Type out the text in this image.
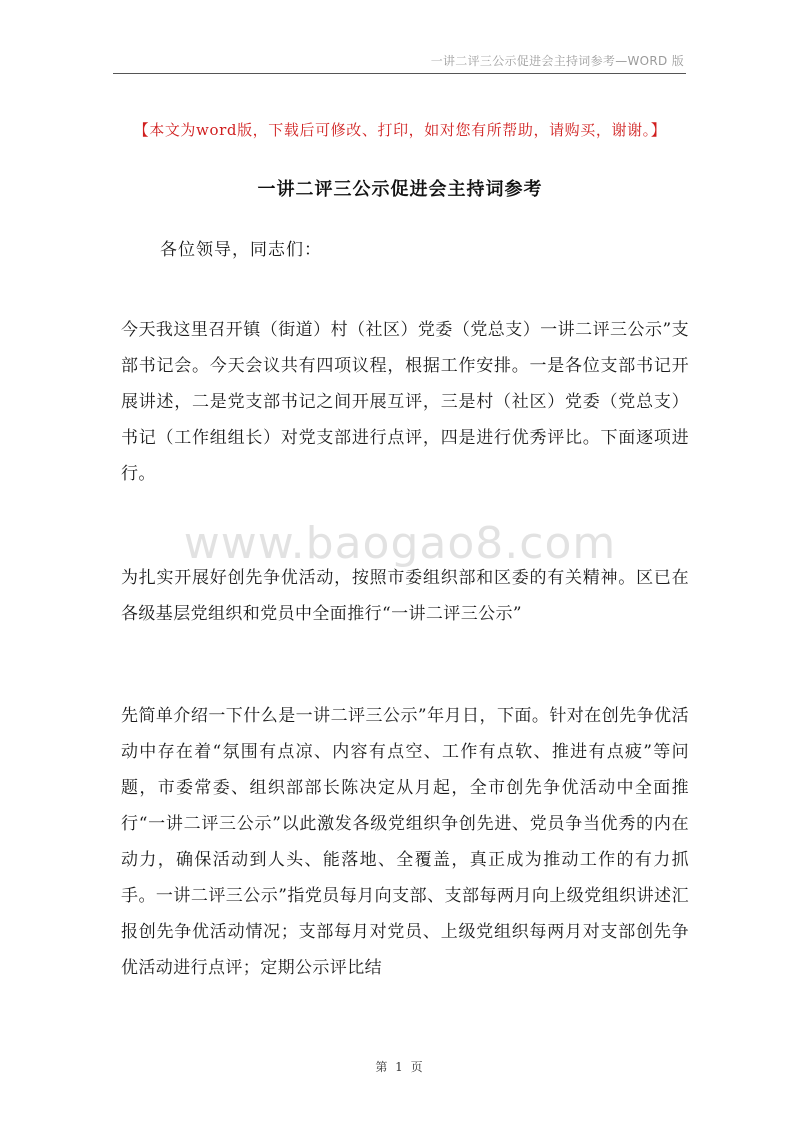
一讲二评三公示促进会主持词参考—WORD 版
【本文为word版，下载后可修改、打印，如对您有所帮助，请购买，谢谢。】
一讲二评三公示促进会主持词参考
各位领导，同志们：
今天我这里召开镇（街道）村（社区）党委（党总支）一讲二评三公示”支部书记会。今天会议共有四项议程，根据工作安排。一是各位支部书记开展讲述，二是党支部书记之间开展互评，三是村（社区）党委（党总支）书记（工作组组长）对党支部进行点评，四是进行优秀评比。下面逐项进行。
www.baogao8.com
为扎实开展好创先争优活动，按照市委组织部和区委的有关精神。区已在各级基层党组织和党员中全面推行“一讲二评三公示”
先简单介绍一下什么是一讲二评三公示”年月日，下面。针对在创先争优活动中存在着“氛围有点凉、内容有点空、工作有点软、推进有点疲”等问题，市委常委、组织部部长陈决定从月起，全市创先争优活动中全面推行“一讲二评三公示”以此激发各级党组织争创先进、党员争当优秀的内在动力，确保活动到人头、能落地、全覆盖，真正成为推动工作的有力抓手。一讲二评三公示”指党员每月向支部、支部每两月向上级党组织讲述汇报创先争优活动情况；支部每月对党员、上级党组织每两月对支部创先争优活动进行点评；定期公示评比结
第 1 页
